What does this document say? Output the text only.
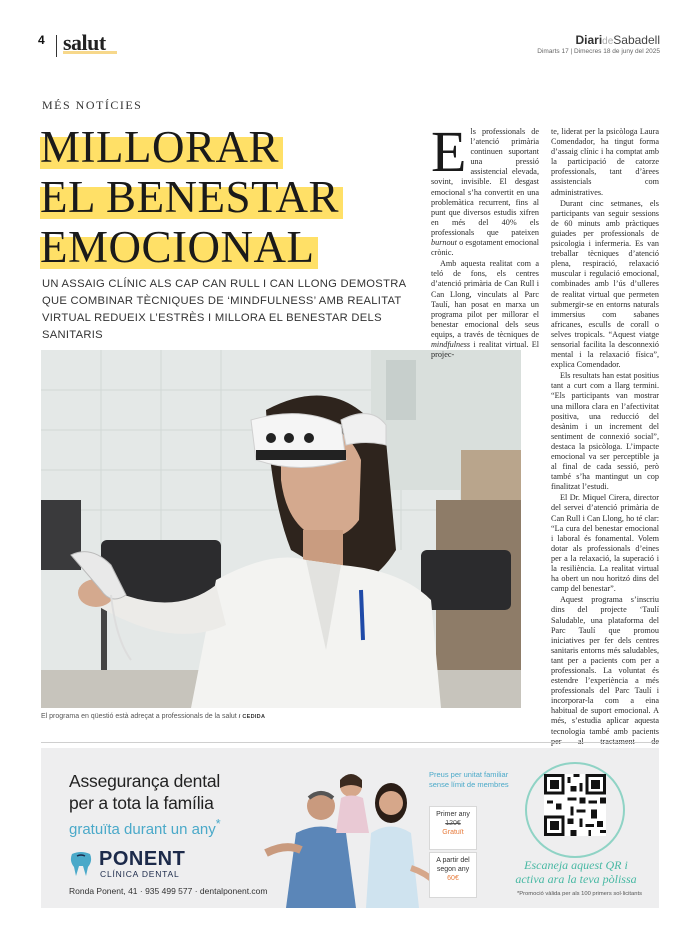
4 salut	DiarideSabadell
Dimarts 17 | Dimecres 18 de juny del 2025
MÉS NOTÍCIES
MILLORAR
EL BENESTAR
EMOCIONAL
UN ASSAIG CLÍNIC ALS CAP CAN RULL I CAN LLONG DEMOSTRA QUE COMBINAR TÈCNIQUES DE ‘MINDFULNESS’ AMB REALITAT VIRTUAL REDUEIX L’ESTRÈS I MILLORA EL BENESTAR DELS SANITARIS
El programa en qüestió està adreçat a professionals de la salut / CEDIDA

Els professionals de l’atenció primària continuen suportant una pressió assistencial elevada, sovint, invisible. El desgast emocional s’ha convertit en una problemàtica recurrent, fins al punt que diversos estudis xifren en més del 40% els professionals que pateixen burnout o esgotament emocional crònic.

Amb aquesta realitat com a teló de fons, els centres d’atenció primària de Can Rull i Can Llong, vinculats al Parc Taulí, han posat en marxa un programa pilot per millorar el benestar emocional dels seus equips, a través de tècniques de mindfulness i realitat virtual. El projec-

te, liderat per la psicòloga Laura Comendador, ha tingut forma d’assaig clínic i ha comptat amb la participació de catorze professionals, tant d’àrees assistencials com administratives.

Durant cinc setmanes, els participants van seguir sessions de 60 minuts amb pràctiques guiades per professionals de psicologia i infermeria. Es van treballar tècniques d’atenció plena, respiració, relaxació muscular i regulació emocional, combinades amb l’ús d’ulleres de realitat virtual que permeten submergir-se en entorns naturals immersius com sabanes africanes, esculls de corall o selves tropicals. “Aquest viatge sensorial facilita la desconnexió mental i la relaxació física”, explica Comendador.

Els resultats han estat positius tant a curt com a llarg termini. “Els participants van mostrar una millora clara en l’afectivitat positiva, una reducció del desànim i un increment del sentiment de connexió social”, destaca la psicòloga. L’impacte emocional va ser perceptible ja al final de cada sessió, però també s’ha mantingut un cop finalitzat l’estudi.

El Dr. Miquel Cirera, director del servei d’atenció primària de Can Rull i Can Llong, ho té clar: “La cura del benestar emocional i laboral és fonamental. Volem dotar als professionals d’eines per a la relaxació, la superació i la resiliència. La realitat virtual ha obert un nou horitzó dins del camp del benestar”.

Aquest programa s’inscriu dins del projecte ‘Taulí Saludable, una plataforma del Parc Taulí que promou iniciatives per fer dels centres sanitaris entorns més saludables, tant per a pacients com per a professionals. La voluntat és estendre l’experiència a més professionals del Parc Taulí i incorporar-la com a eina habitual de suport emocional. A més, s’estudia aplicar aquesta tecnologia també amb pacients

Assegurança dental
per a tota la família
gratuïta durant un any*
PONENT
CLÍNICA DENTAL
Ronda Ponent, 41 · 935 499 577 · dentalponent.com
Preus per unitat familiar sense límit de membres
Primer any
120€
Gratuït
A partir del segon any
60€
Escaneja aquest QR i activa ara la teva pòlissa
*Promoció vàlida per als 100 primers sol·licitants
